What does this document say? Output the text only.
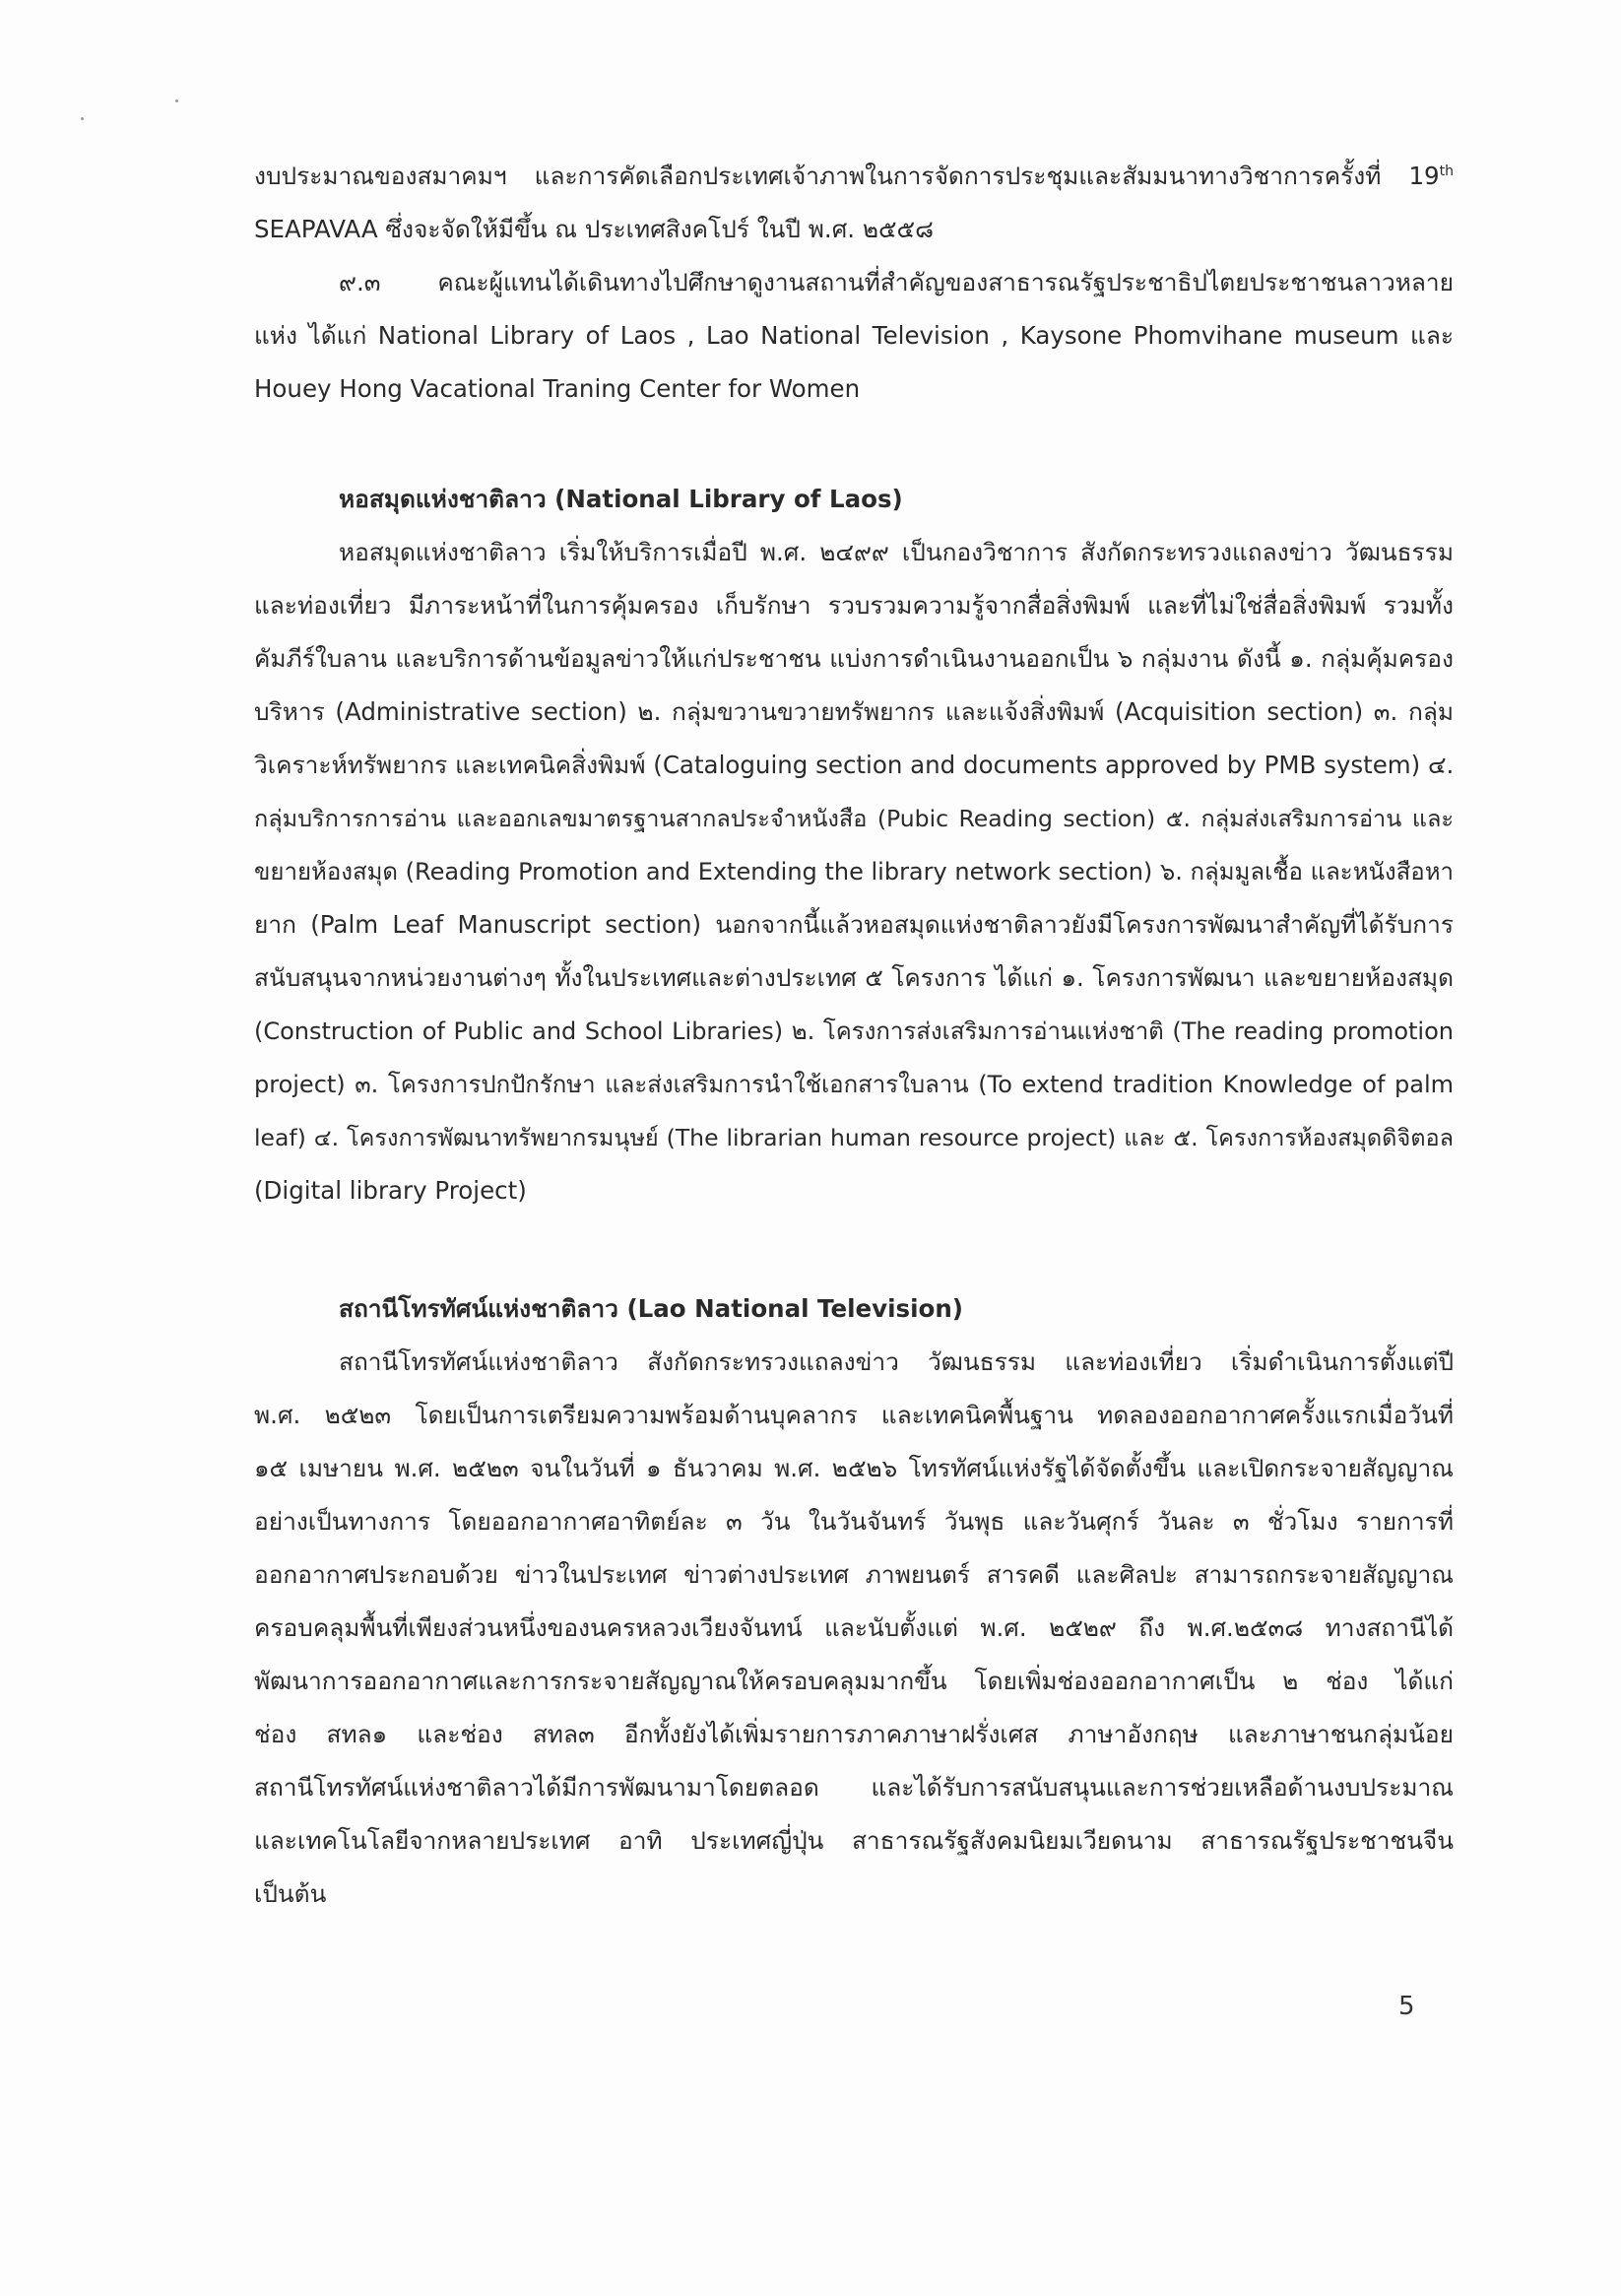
งบประมาณของสมาคมฯ และการคัดเลือกประเทศเจ้าภาพในการจัดการประชุมและสัมมนาทางวิชาการครั้งที่ 19th
SEAPAVAA ซึ่งจะจัดให้มีขึ้น ณ ประเทศสิงคโปร์ ในปี พ.ศ. ๒๕๕๘
๙.๓ คณะผู้แทนได้เดินทางไปศึกษาดูงานสถานที่สำคัญของสาธารณรัฐประชาธิปไตยประชาชนลาวหลาย
แห่ง ได้แก่ National Library of Laos , Lao National Television , Kaysone Phomvihane museum และ
Houey Hong Vacational Traning Center for Women
หอสมุดแห่งชาติลาว (National Library of Laos)
หอสมุดแห่งชาติลาว เริ่มให้บริการเมื่อปี พ.ศ. ๒๔๙๙ เป็นกองวิชาการ สังกัดกระทรวงแถลงข่าว วัฒนธรรม
และท่องเที่ยว มีภาระหน้าที่ในการคุ้มครอง เก็บรักษา รวบรวมความรู้จากสื่อสิ่งพิมพ์ และที่ไม่ใช่สื่อสิ่งพิมพ์ รวมทั้ง
คัมภีร์ใบลาน และบริการด้านข้อมูลข่าวให้แก่ประชาชน แบ่งการดำเนินงานออกเป็น ๖ กลุ่มงาน ดังนี้ ๑. กลุ่มคุ้มครอง
บริหาร (Administrative section) ๒. กลุ่มขวานขวายทรัพยากร และแจ้งสิ่งพิมพ์ (Acquisition section) ๓. กลุ่ม
วิเคราะห์ทรัพยากร และเทคนิคสิ่งพิมพ์ (Cataloguing section and documents approved by PMB system) ๔.
กลุ่มบริการการอ่าน และออกเลขมาตรฐานสากลประจำหนังสือ (Pubic Reading section) ๕. กลุ่มส่งเสริมการอ่าน และ
ขยายห้องสมุด (Reading Promotion and Extending the library network section) ๖. กลุ่มมูลเชื้อ และหนังสือหา
ยาก (Palm Leaf Manuscript section) นอกจากนี้แล้วหอสมุดแห่งชาติลาวยังมีโครงการพัฒนาสำคัญที่ได้รับการ
สนับสนุนจากหน่วยงานต่างๆ ทั้งในประเทศและต่างประเทศ ๕ โครงการ ได้แก่ ๑. โครงการพัฒนา และขยายห้องสมุด
(Construction of Public and School Libraries) ๒. โครงการส่งเสริมการอ่านแห่งชาติ (The reading promotion
project) ๓. โครงการปกปักรักษา และส่งเสริมการนำใช้เอกสารใบลาน (To extend tradition Knowledge of palm
leaf) ๔. โครงการพัฒนาทรัพยากรมนุษย์ (The librarian human resource project) และ ๕. โครงการห้องสมุดดิจิตอล
(Digital library Project)
สถานีโทรทัศน์แห่งชาติลาว (Lao National Television)
สถานีโทรทัศน์แห่งชาติลาว สังกัดกระทรวงแถลงข่าว วัฒนธรรม และท่องเที่ยว เริ่มดำเนินการตั้งแต่ปี
พ.ศ. ๒๕๒๓ โดยเป็นการเตรียมความพร้อมด้านบุคลากร และเทคนิคพื้นฐาน ทดลองออกอากาศครั้งแรกเมื่อวันที่
๑๕ เมษายน พ.ศ. ๒๕๒๓ จนในวันที่ ๑ ธันวาคม พ.ศ. ๒๕๒๖ โทรทัศน์แห่งรัฐได้จัดตั้งขึ้น และเปิดกระจายสัญญาณ
อย่างเป็นทางการ โดยออกอากาศอาทิตย์ละ ๓ วัน ในวันจันทร์ วันพุธ และวันศุกร์ วันละ ๓ ชั่วโมง รายการที่
ออกอากาศประกอบด้วย ข่าวในประเทศ ข่าวต่างประเทศ ภาพยนตร์ สารคดี และศิลปะ สามารถกระจายสัญญาณ
ครอบคลุมพื้นที่เพียงส่วนหนึ่งของนครหลวงเวียงจันทน์ และนับตั้งแต่ พ.ศ. ๒๕๒๙ ถึง พ.ศ.๒๕๓๘ ทางสถานีได้
พัฒนาการออกอากาศและการกระจายสัญญาณให้ครอบคลุมมากขึ้น โดยเพิ่มช่องออกอากาศเป็น ๒ ช่อง ได้แก่
ช่อง สทล๑ และช่อง สทล๓ อีกทั้งยังได้เพิ่มรายการภาคภาษาฝรั่งเศส ภาษาอังกฤษ และภาษาชนกลุ่มน้อย
สถานีโทรทัศน์แห่งชาติลาวได้มีการพัฒนามาโดยตลอด และได้รับการสนับสนุนและการช่วยเหลือด้านงบประมาณ
และเทคโนโลยีจากหลายประเทศ อาทิ ประเทศญี่ปุ่น สาธารณรัฐสังคมนิยมเวียดนาม สาธารณรัฐประชาชนจีน
เป็นต้น
5
